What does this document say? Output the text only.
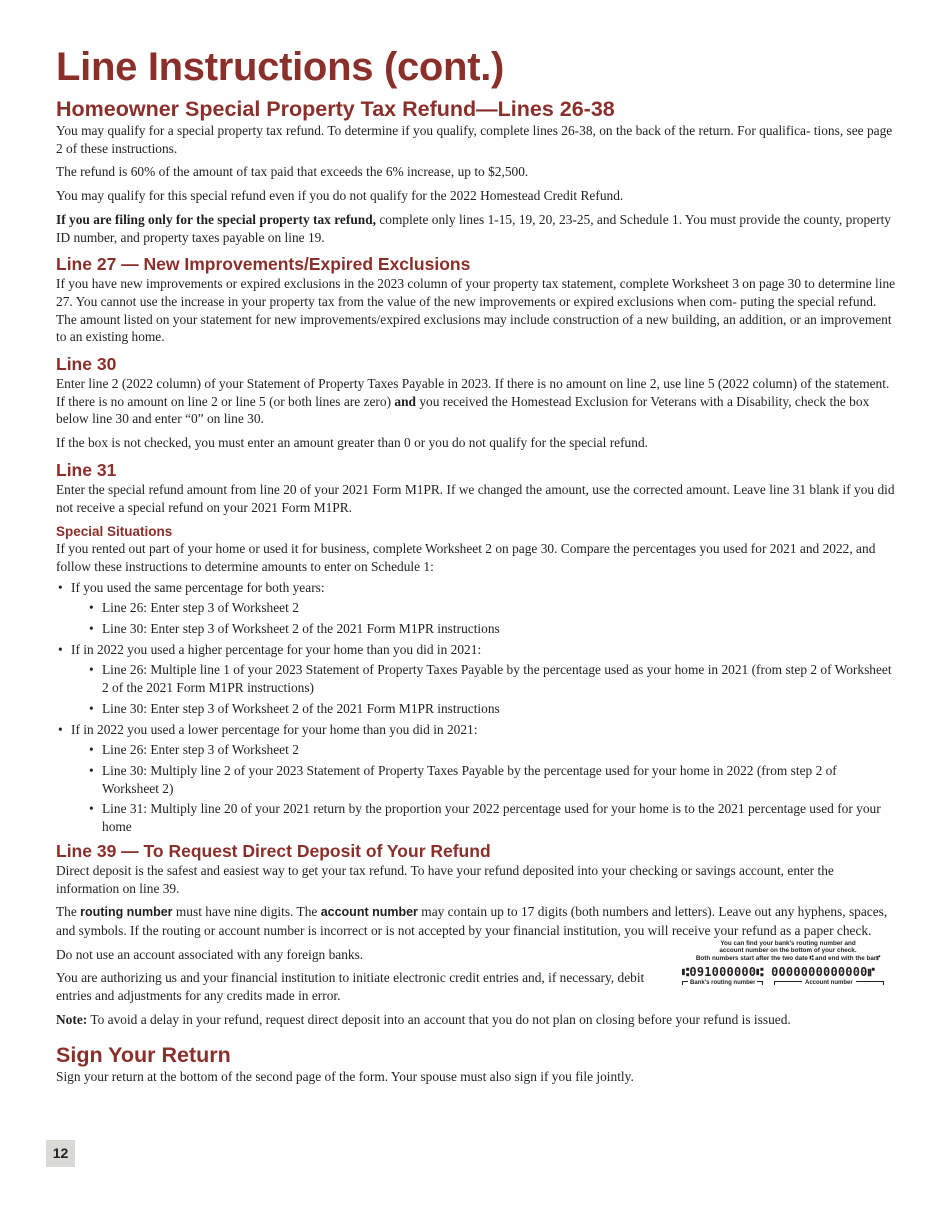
Line Instructions (cont.)
Homeowner Special Property Tax Refund—Lines 26-38

You may qualify for a special property tax refund. To determine if you qualify, complete lines 26-38, on the back of the return. For qualifica- tions, see page 2 of these instructions.

The refund is 60% of the amount of tax paid that exceeds the 6% increase, up to $2,500.

You may qualify for this special refund even if you do not qualify for the 2022 Homestead Credit Refund.

If you are filing only for the special property tax refund, complete only lines 1-15, 19, 20, 23-25, and Schedule 1. You must provide the county, property ID number, and property taxes payable on line 19.

Line 27 — New Improvements/Expired Exclusions

If you have new improvements or expired exclusions in the 2023 column of your property tax statement, complete Worksheet 3 on page 30 to determine line 27. You cannot use the increase in your property tax from the value of the new improvements or expired exclusions when com- puting the special refund. The amount listed on your statement for new improvements/expired exclusions may include construction of a new building, an addition, or an improvement to an existing home.

Line 30

Enter line 2 (2022 column) of your Statement of Property Taxes Payable in 2023. If there is no amount on line 2, use line 5 (2022 column) of the statement. If there is no amount on line 2 or line 5 (or both lines are zero) and you received the Homestead Exclusion for Veterans with a Disability, check the box below line 30 and enter “0” on line 30.

If the box is not checked, you must enter an amount greater than 0 or you do not qualify for the special refund.

Line 31

Enter the special refund amount from line 20 of your 2021 Form M1PR. If we changed the amount, use the corrected amount. Leave line 31 blank if you did not receive a special refund on your 2021 Form M1PR.

Special Situations

If you rented out part of your home or used it for business, complete Worksheet 2 on page 30. Compare the percentages you used for 2021 and 2022, and follow these instructions to determine amounts to enter on Schedule 1:

• If you used the same percentage for both years:
• Line 26: Enter step 3 of Worksheet 2
• Line 30: Enter step 3 of Worksheet 2 of the 2021 Form M1PR instructions
• If in 2022 you used a higher percentage for your home than you did in 2021:
• Line 26: Multiple line 1 of your 2023 Statement of Property Taxes Payable by the percentage used as your home in 2021 (from step 2 of Worksheet 2 of the 2021 Form M1PR instructions)
• Line 30: Enter step 3 of Worksheet 2 of the 2021 Form M1PR instructions
• If in 2022 you used a lower percentage for your home than you did in 2021:
• Line 26: Enter step 3 of Worksheet 2
• Line 30: Multiply line 2 of your 2023 Statement of Property Taxes Payable by the percentage used for your home in 2022 (from step 2 of Worksheet 2)
• Line 31: Multiply line 20 of your 2021 return by the proportion your 2022 percentage used for your home is to the 2021 percentage used for your home
Line 39 — To Request Direct Deposit of Your Refund

Direct deposit is the safest and easiest way to get your tax refund. To have your refund deposited into your checking or savings account, enter the information on line 39.

The routing number must have nine digits. The account number may contain up to 17 digits (both numbers and letters). Leave out any hyphens, spaces, and symbols. If the routing or account number is incorrect or is not accepted by your financial institution, you will receive your refund as a paper check.

Do not use an account associated with any foreign banks.

You are authorizing us and your financial institution to initiate electronic credit entries and, if necessary, debit entries and adjustments for any credits made in error.

You can find your bank's routing number and
account number on the bottom of your check.
Both numbers start after the two date ⑆ and end with the bar⑈
⑆091000000⑆
0000000000000⑈
Bank's routing number	Account number

Note: To avoid a delay in your refund, request direct deposit into an account that you do not plan on closing before your refund is issued.

Sign Your Return

Sign your return at the bottom of the second page of the form. Your spouse must also sign if you file jointly.

12
